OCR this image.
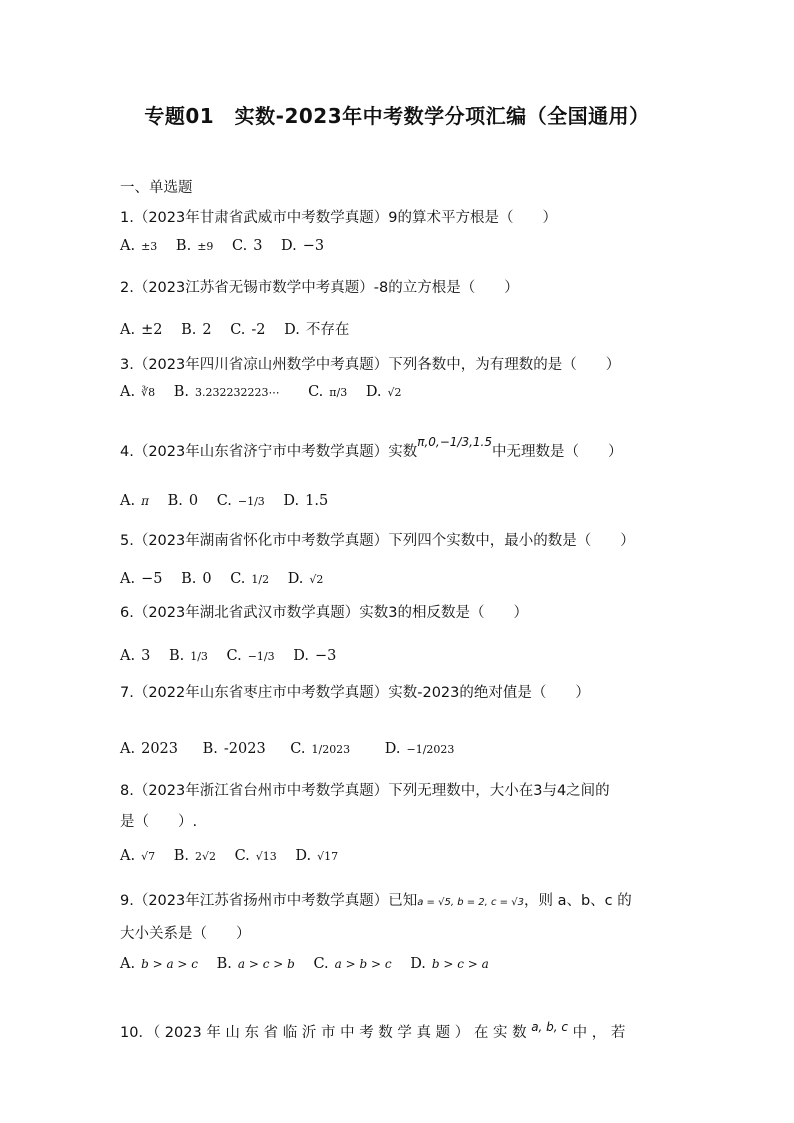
专题01　实数-2023年中考数学分项汇编（全国通用）
一、单选题
1.（2023年甘肃省武威市中考数学真题）9的算术平方根是（　　）
A. ±3 B. ±9 C. 3 D. −3
2.（2023江苏省无锡市数学中考真题）-8的立方根是（　　）
A. ±2 B. 2 C. -2 D. 不存在
3.（2023年四川省凉山州数学中考真题）下列各数中，为有理数的是（　　）
A. ∛8 B. 3.232232223⋯ C. π/3 D. √2
4.（2023年山东省济宁市中考数学真题）实数$^{\pi,0,-1/3,1.5}$中无理数是（　　）
A. π B. 0 C. −1/3 D. 1.5
5.（2023年湖南省怀化市中考数学真题）下列四个实数中，最小的数是（　　）
A. −5 B. 0 C. 1/2 D. √2
6.（2023年湖北省武汉市数学真题）实数3的相反数是（　　）
A. 3 B. 1/3 C. −1/3 D. −3
7.（2022年山东省枣庄市中考数学真题）实数-2023的绝对值是（　　）
A. 2023 B. -2023 C. 1/2023 D. −1/2023
8.（2023年浙江省台州市中考数学真题）下列无理数中，大小在3与4之间的
是（　　）.
A. √7 B. 2√2 C. √13 D. √17
9.（2023年江苏省扬州市中考数学真题）已知a = √5, b = 2, c = √3，则 a、b、c 的
大小关系是（　　）
A. b > a > c B. a > c > b C. a > b > c D. b > c > a
10．（ 2023 年 山 东 省 临 沂 市 中 考 数 学 真 题 ） 在 实 数 $^{a, b, c}$ 中 ， 若
